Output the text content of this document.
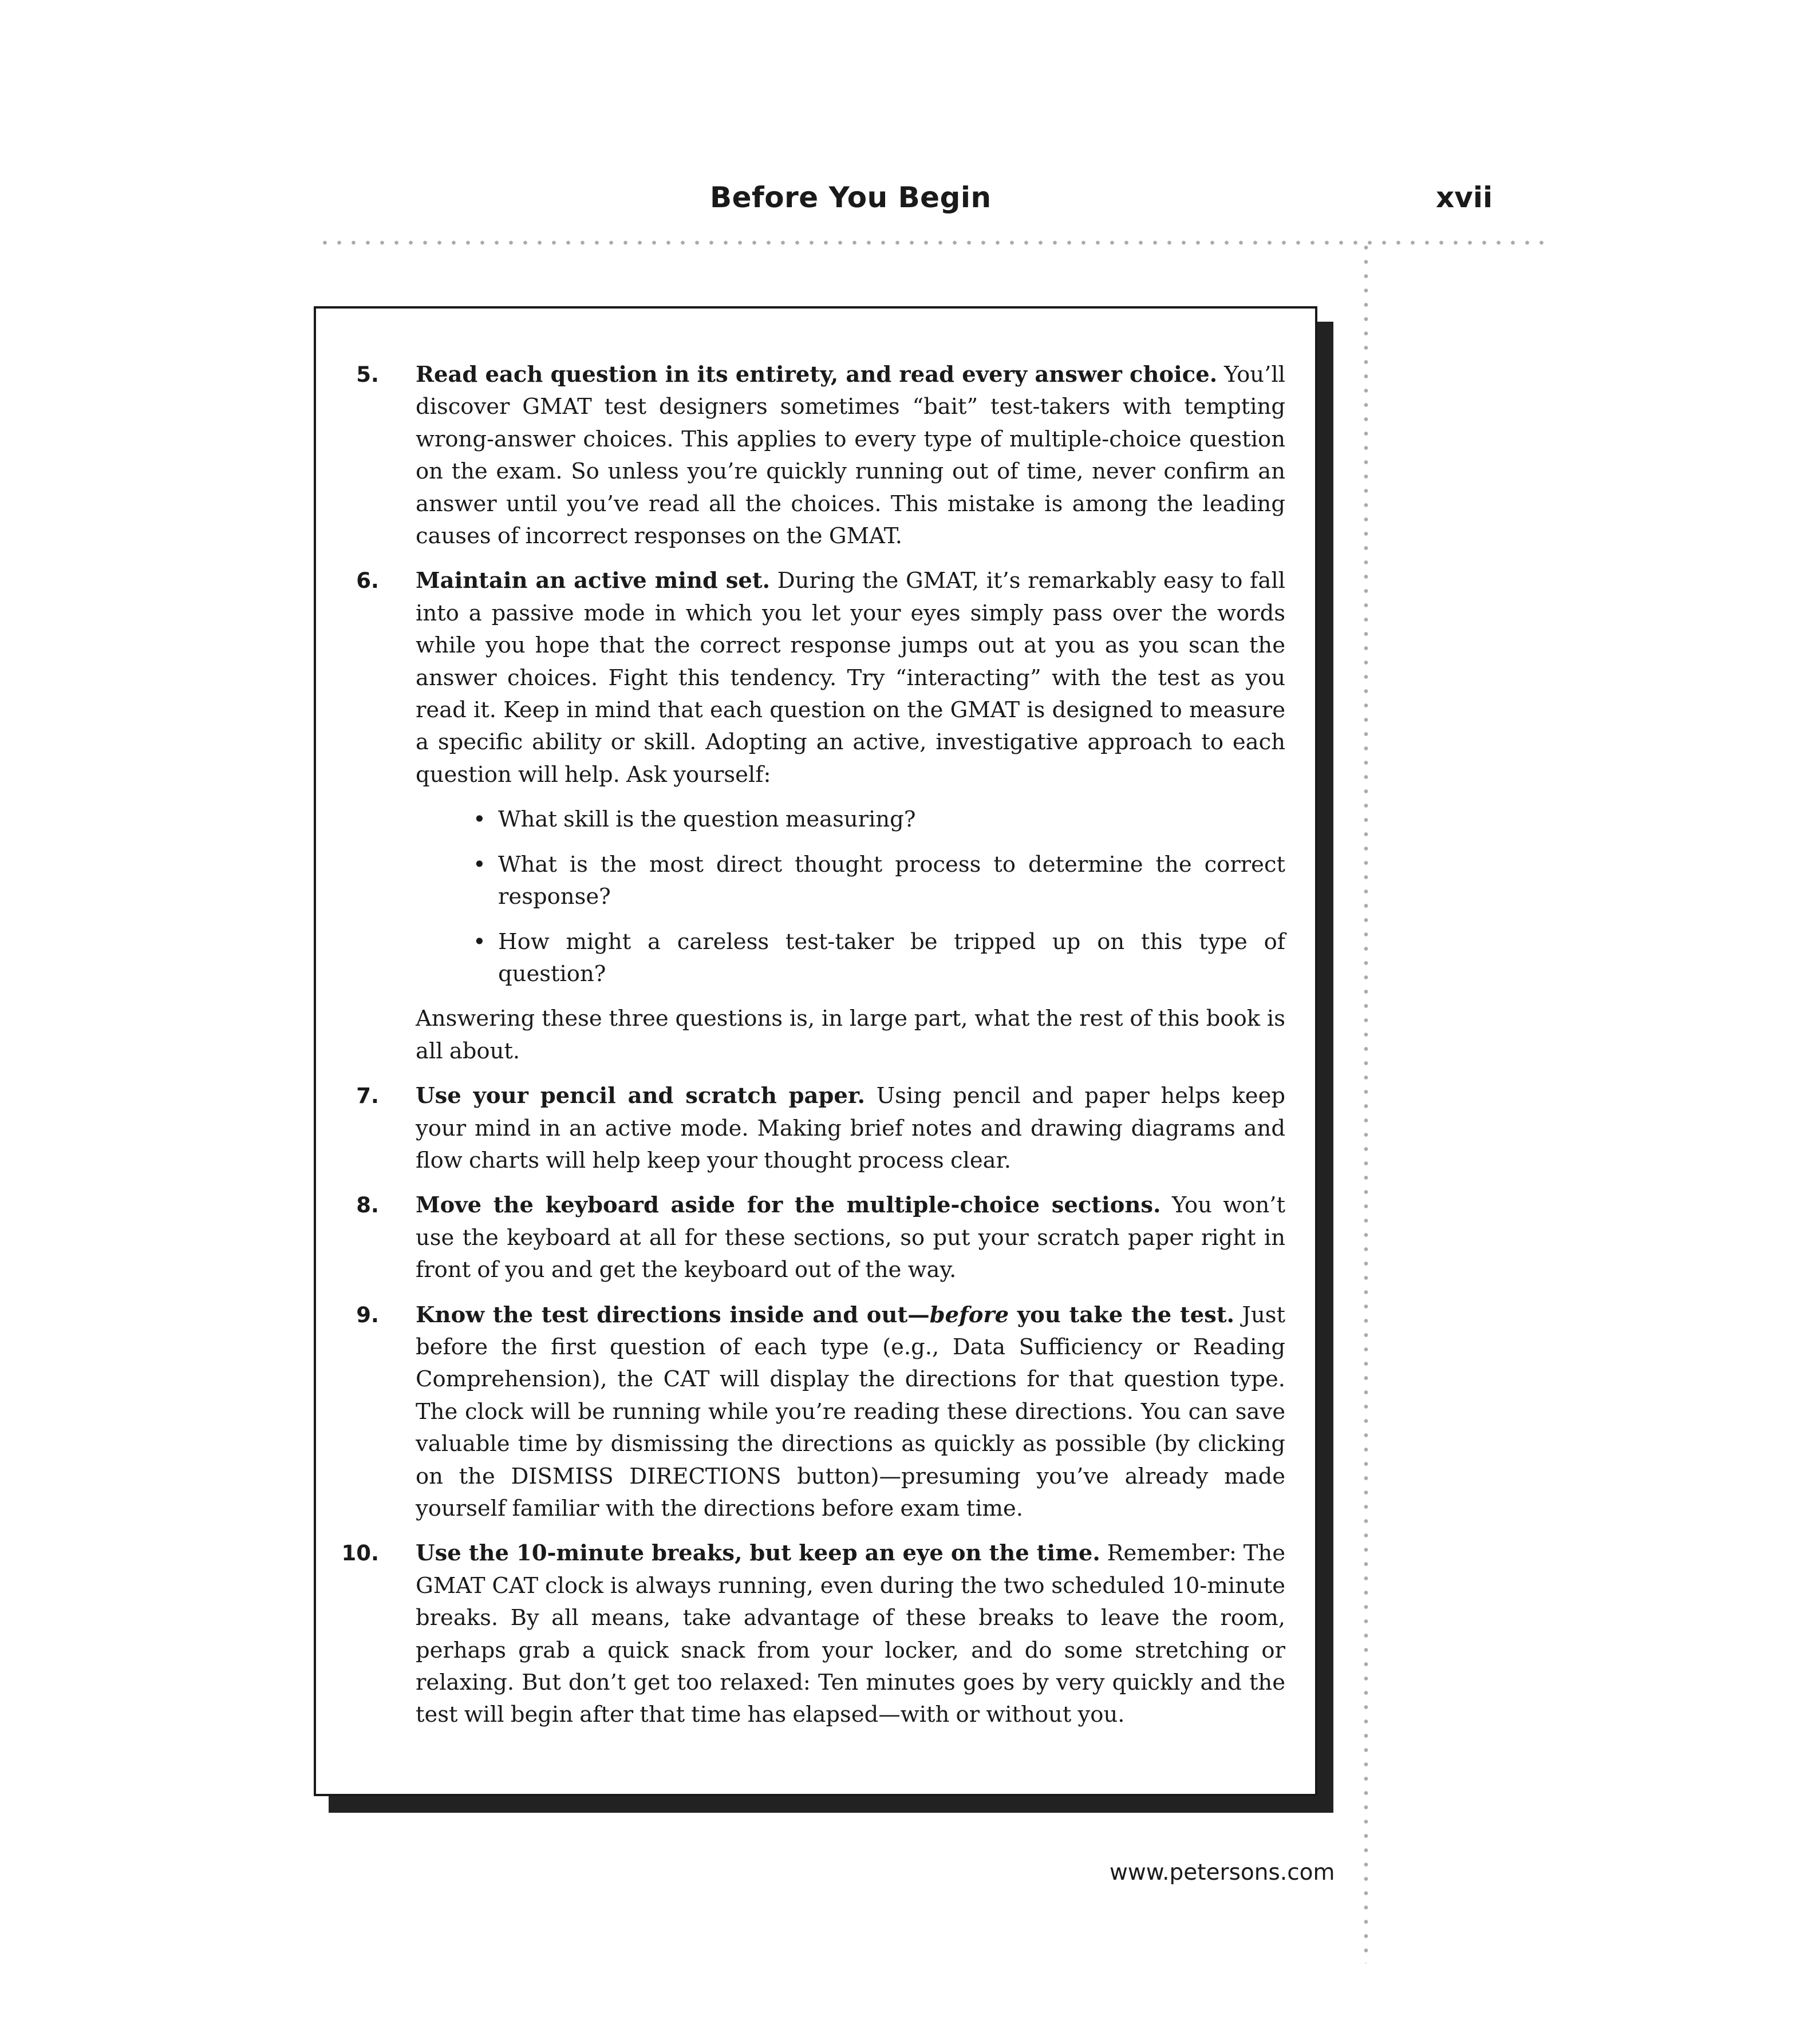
Before You Begin	xvii
5. Read each question in its entirety, and read every answer choice. You’ll discover GMAT test designers sometimes “bait” test-takers with tempting wrong-answer choices. This applies to every type of multiple-choice question on the exam. So unless you’re quickly running out of time, never confirm an answer until you’ve read all the choices. This mistake is among the leading causes of incorrect responses on the GMAT.

6. Maintain an active mind set. During the GMAT, it’s remarkably easy to fall into a passive mode in which you let your eyes simply pass over the words while you hope that the correct response jumps out at you as you scan the answer choices. Fight this tendency. Try “interacting” with the test as you read it. Keep in mind that each question on the GMAT is designed to measure a specific ability or skill. Adopting an active, investigative approach to each question will help. Ask yourself:

• What skill is the question measuring?
• What is the most direct thought process to determine the correct response?
• How might a careless test-taker be tripped up on this type of question?

Answering these three questions is, in large part, what the rest of this book is all about.

7. Use your pencil and scratch paper. Using pencil and paper helps keep your mind in an active mode. Making brief notes and drawing diagrams and flow charts will help keep your thought process clear.

8. Move the keyboard aside for the multiple-choice sections. You won’t use the keyboard at all for these sections, so put your scratch paper right in front of you and get the keyboard out of the way.

9. Know the test directions inside and out—before you take the test. Just before the first question of each type (e.g., Data Sufficiency or Reading Comprehension), the CAT will display the directions for that question type. The clock will be running while you’re reading these directions. You can save valuable time by dismissing the directions as quickly as possible (by clicking on the DISMISS DIRECTIONS button)—presuming you’ve already made yourself familiar with the directions before exam time.

10. Use the 10-minute breaks, but keep an eye on the time. Remember: The GMAT CAT clock is always running, even during the two scheduled 10-minute breaks. By all means, take advantage of these breaks to leave the room, perhaps grab a quick snack from your locker, and do some stretching or relaxing. But don’t get too relaxed: Ten minutes goes by very quickly and the test will begin after that time has elapsed—with or without you.

www.petersons.com
